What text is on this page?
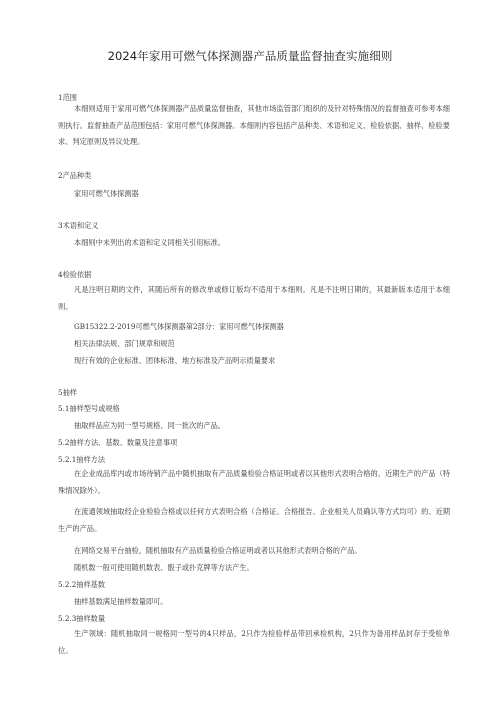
2024年家用可燃气体探测器产品质量监督抽查实施细则
1范围
本细则适用于家用可燃气体探测器产品质量监督抽查，其他市场监管部门组织的及针对特殊情况的监督抽查可参考本细则执行。监督抽查产品范围包括：家用可燃气体探测器。本细则内容包括产品种类、术语和定义、检验依据、抽样、检验要求、判定原则及异议处理。
2产品种类
家用可燃气体探测器
3术语和定义
本细则中未列出的术语和定义同相关引用标准。
4检验依据
凡是注明日期的文件，其随后所有的修改单或修订版均不适用于本细则。凡是不注明日期的，其最新版本适用于本细则。
GB15322.2-2019可燃气体探测器第2部分：家用可燃气体探测器
相关法律法规、部门规章和规范
现行有效的企业标准、团体标准、地方标准及产品明示质量要求
5抽样
5.1抽样型号或规格
抽取样品应为同一型号规格、同一批次的产品。
5.2抽样方法、基数、数量及注意事项
5.2.1抽样方法
在企业成品库内或市场待销产品中随机抽取有产品质量检验合格证明或者以其他形式表明合格的、近期生产的产品（特殊情况除外）。
在流通领域抽取经企业检验合格或以任何方式表明合格（合格证、合格报告、企业相关人员确认等方式均可）的、近期生产的产品。
在网络交易平台抽检，随机抽取有产品质量检验合格证明或者以其他形式表明合格的产品。
随机数一般可使用随机数表、骰子或扑克牌等方法产生。
5.2.2抽样基数
抽样基数满足抽样数量即可。
5.2.3抽样数量
生产领域：随机抽取同一规格同一型号的4只样品，2只作为检验样品带回承检机构，2只作为备用样品封存于受检单位。
